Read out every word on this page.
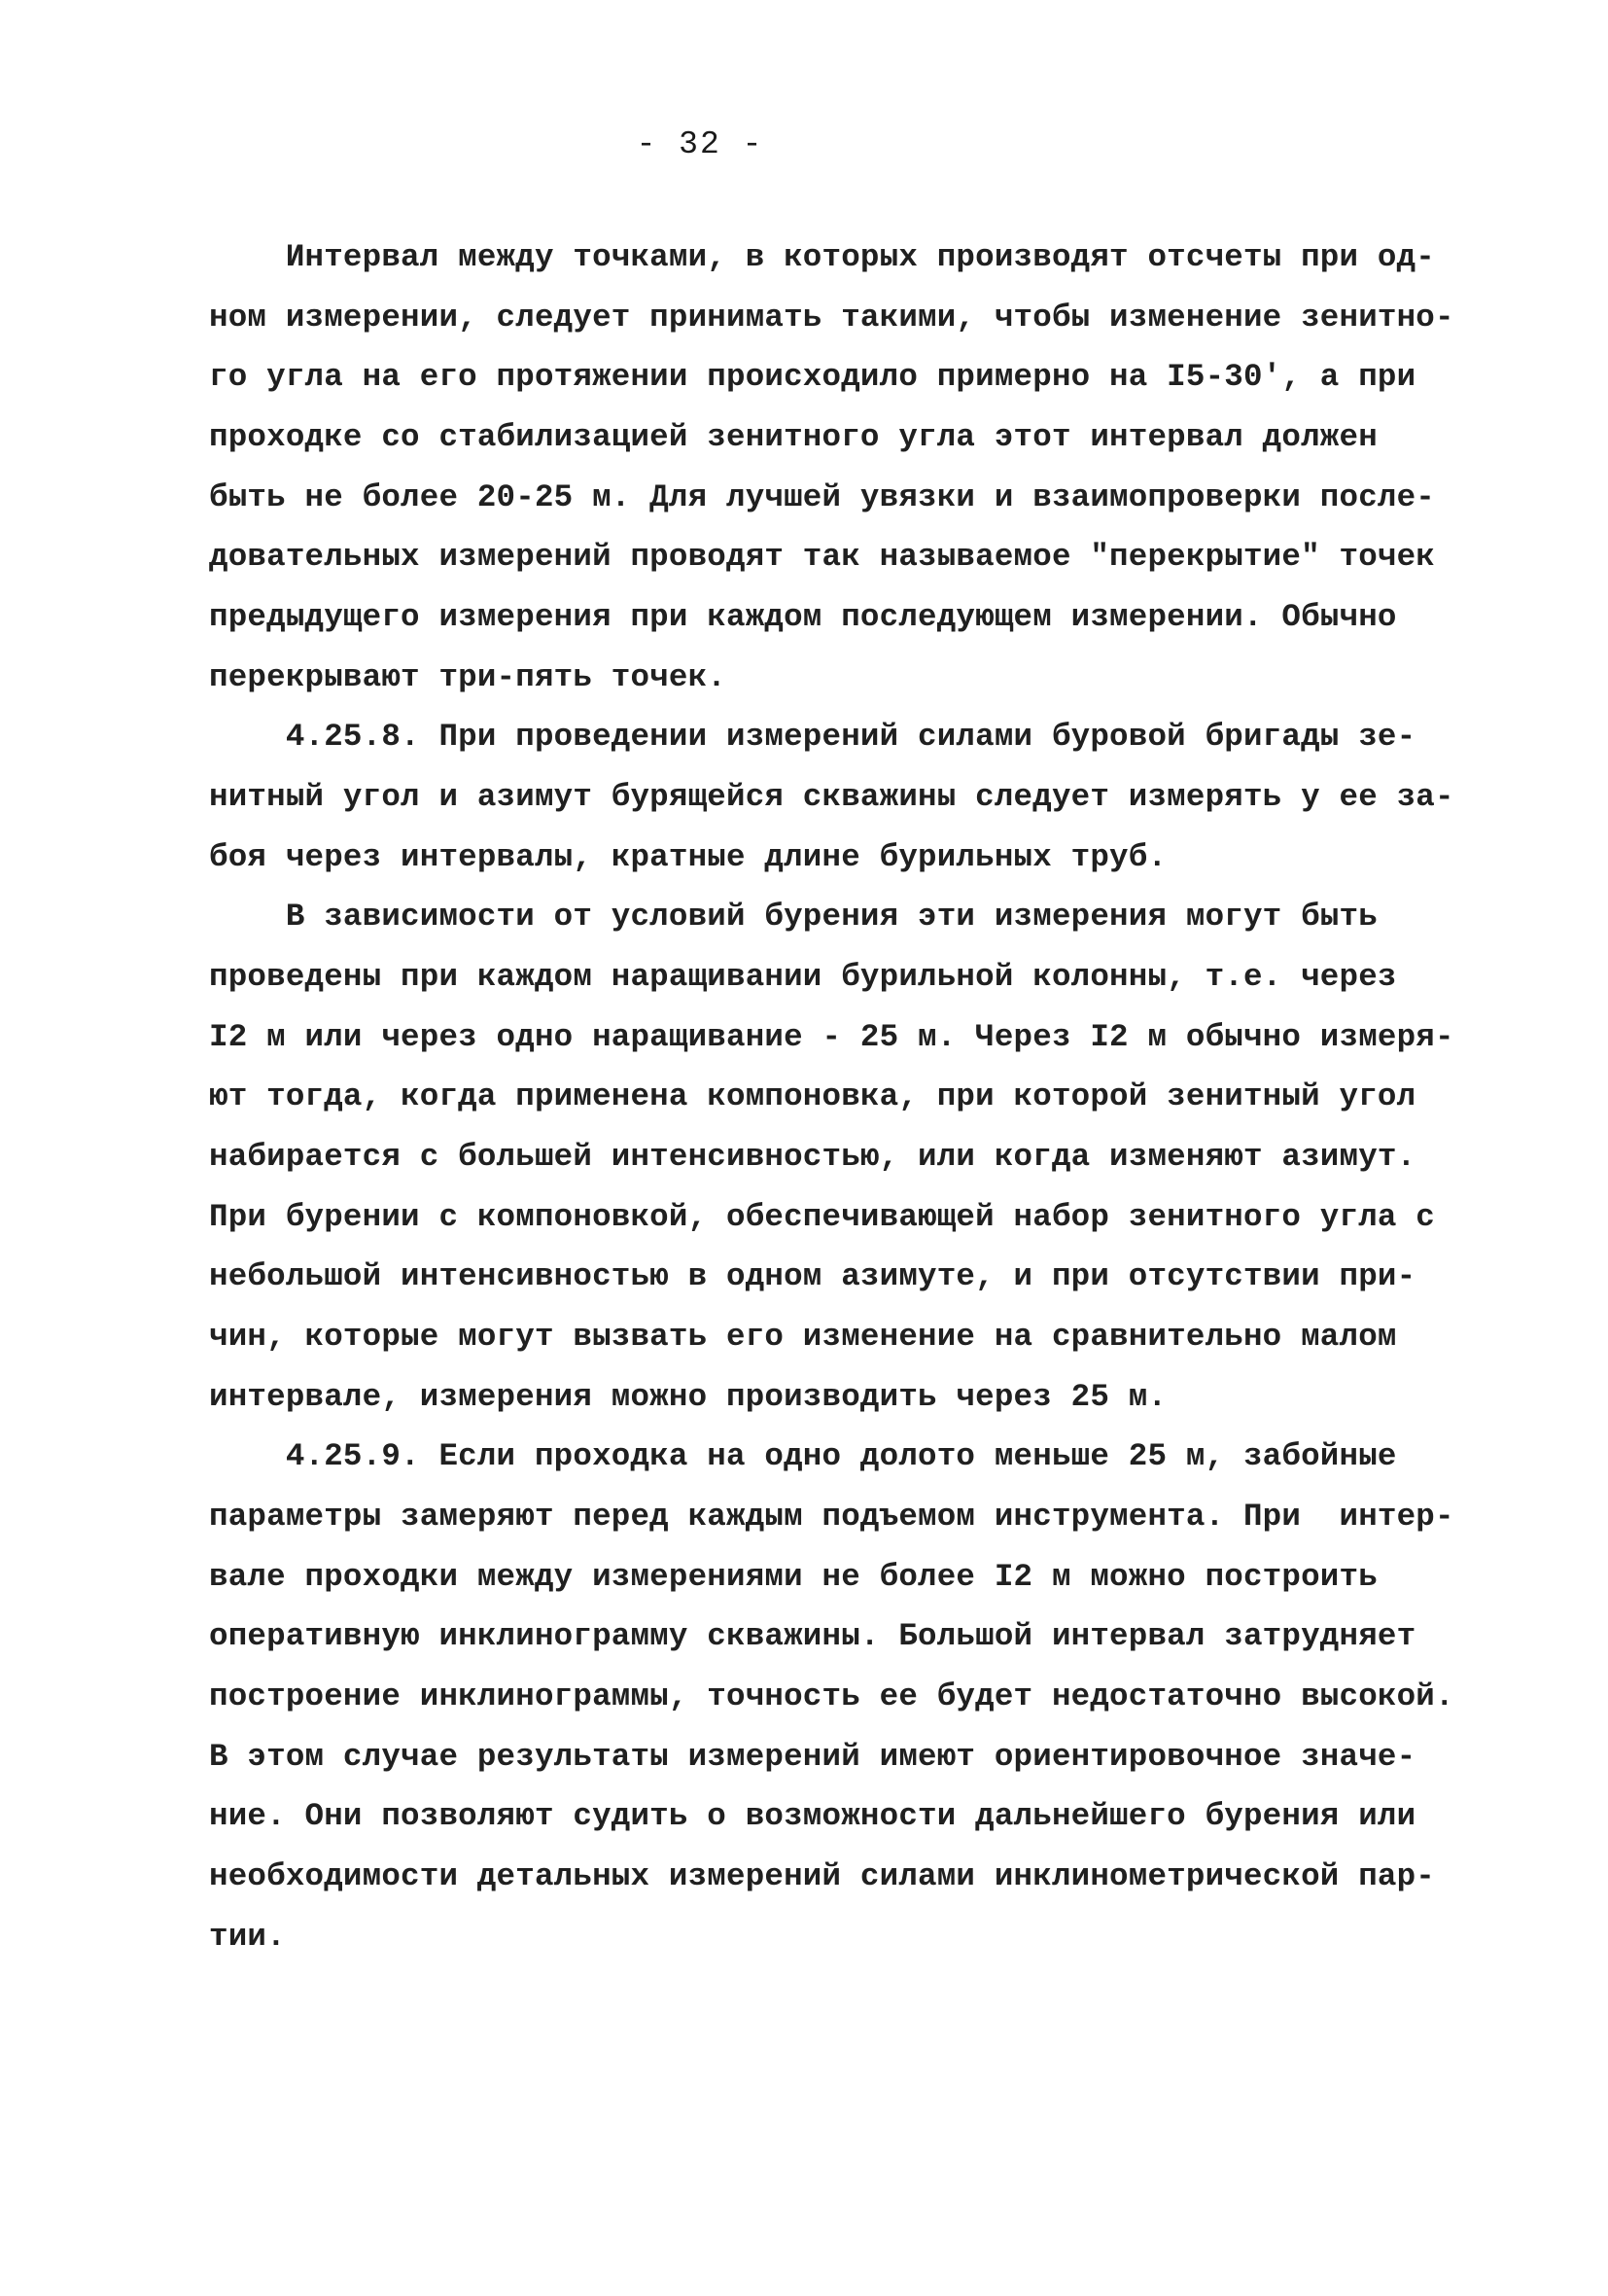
- 32 -
Интервал между точками, в которых производят отсчеты при од-
ном измерении, следует принимать такими, чтобы изменение зенитно-
го угла на его протяжении происходило примерно на I5-30', а при
проходке со стабилизацией зенитного угла этот интервал должен
быть не более 20-25 м. Для лучшей увязки и взаимопроверки после-
довательных измерений проводят так называемое "перекрытие" точек
предыдущего измерения при каждом последующем измерении. Обычно
перекрывают три-пять точек.
4.25.8. При проведении измерений силами буровой бригады зе-
нитный угол и азимут бурящейся скважины следует измерять у ее за-
боя через интервалы, кратные длине бурильных труб.
В зависимости от условий бурения эти измерения могут быть
проведены при каждом наращивании бурильной колонны, т.е. через
I2 м или через одно наращивание - 25 м. Через I2 м обычно измеря-
ют тогда, когда применена компоновка, при которой зенитный угол
набирается с большей интенсивностью, или когда изменяют азимут.
При бурении с компоновкой, обеспечивающей набор зенитного угла с
небольшой интенсивностью в одном азимуте, и при отсутствии при-
чин, которые могут вызвать его изменение на сравнительно малом
интервале, измерения можно производить через 25 м.
4.25.9. Если проходка на одно долото меньше 25 м, забойные
параметры замеряют перед каждым подъемом инструмента. При  интер-
вале проходки между измерениями не более I2 м можно построить
оперативную инклинограмму скважины. Большой интервал затрудняет
построение инклинограммы, точность ее будет недостаточно высокой.
В этом случае результаты измерений имеют ориентировочное значе-
ние. Они позволяют судить о возможности дальнейшего бурения или
необходимости детальных измерений силами инклинометрической пар-
тии.
